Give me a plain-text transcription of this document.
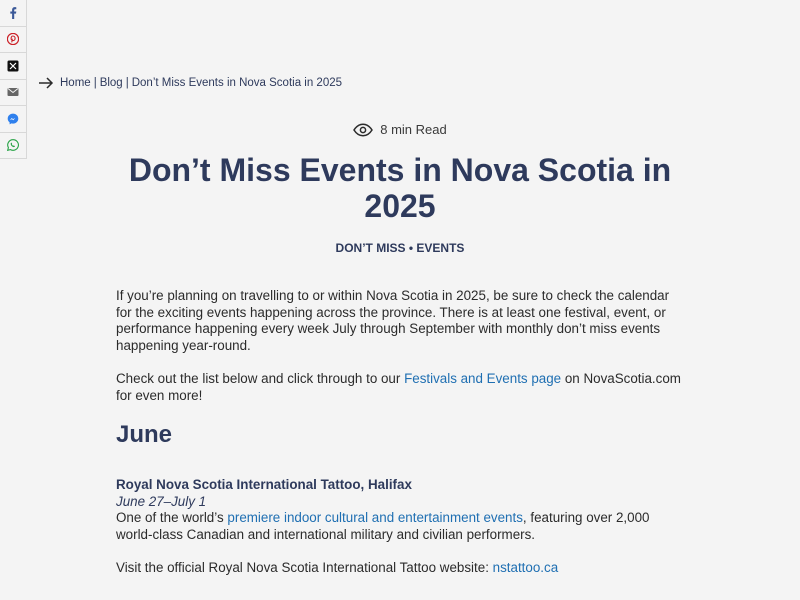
Home | Blog | Don’t Miss Events in Nova Scotia in 2025
8 min Read
Don’t Miss Events in Nova Scotia in 2025
DON’T MISS • EVENTS

If you’re planning on travelling to or within Nova Scotia in 2025, be sure to check the calendar for the exciting events happening across the province. There is at least one festival, event, or performance happening every week July through September with monthly don’t miss events happening year-round.

Check out the list below and click through to our Festivals and Events page on NovaScotia.com for even more!

June

Royal Nova Scotia International Tattoo, Halifax
June 27–July 1
One of the world’s premiere indoor cultural and entertainment events, featuring over 2,000 world-class Canadian and international military and civilian performers.

Visit the official Royal Nova Scotia International Tattoo website: nstattoo.ca
